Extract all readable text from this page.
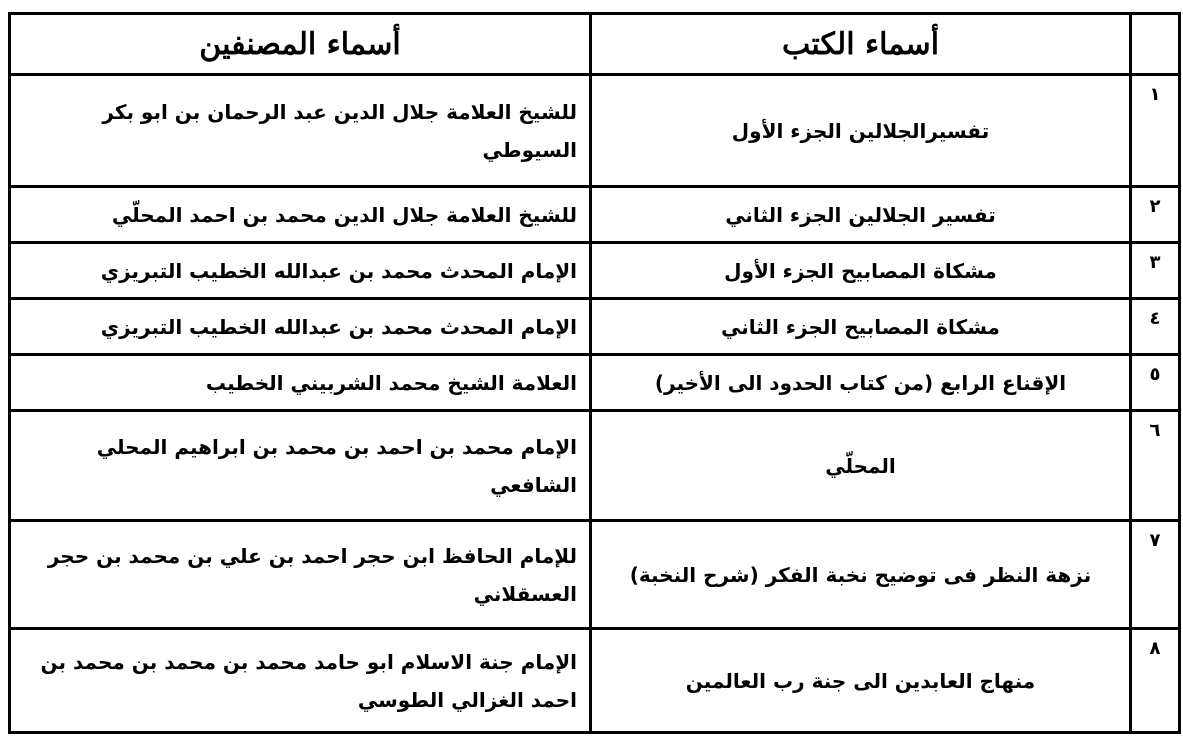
	أسماء الكتب	أسماء المصنفين
١	تفسيرالجلالين الجزء الأول	للشيخ العلامة جلال الدين عبد الرحمان بن ابو بكر السيوطي
٢	تفسير الجلالين الجزء الثاني	للشيخ العلامة جلال الدين محمد بن احمد المحلّي
٣	مشكاة المصابيح الجزء الأول	الإمام المحدث محمد بن عبدالله الخطيب التبريزي
٤	مشكاة المصابيح الجزء الثاني	الإمام المحدث محمد بن عبدالله الخطيب التبريزي
٥	الإقناع الرابع (من كتاب الحدود الى الأخير)	العلامة الشيخ محمد الشربيني الخطيب
٦	المحلّي	الإمام محمد بن احمد بن محمد بن ابراهيم المحلي الشافعي
٧	نزهة النظر فى توضيح نخبة الفكر (شرح النخبة)	للإمام الحافظ ابن حجر احمد بن علي بن محمد بن حجر العسقلاني
٨	منهاج العابدين الى جنة رب العالمين	الإمام جنة الاسلام ابو حامد محمد بن محمد بن محمد بن احمد الغزالي الطوسي
